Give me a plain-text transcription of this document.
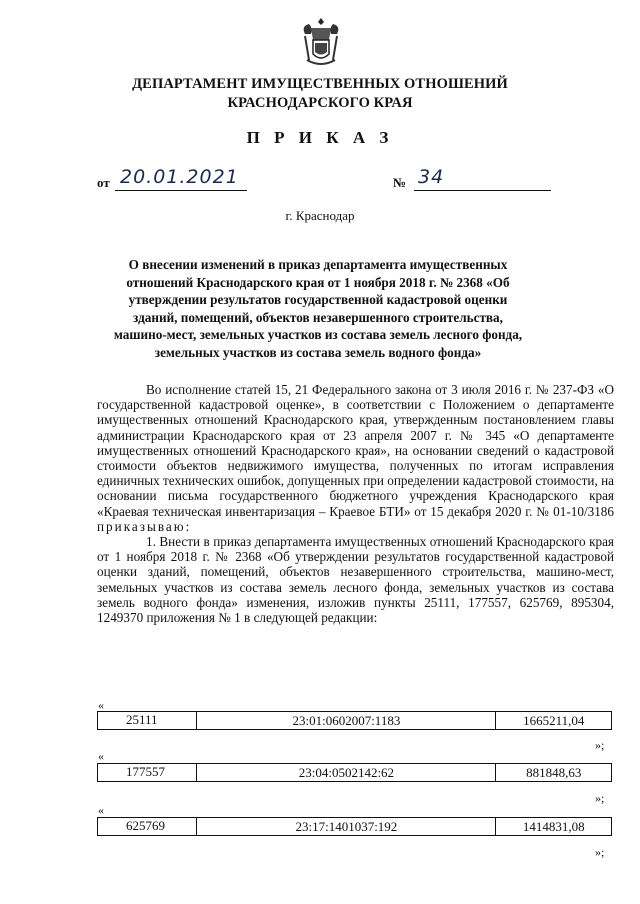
ДЕПАРТАМЕНТ ИМУЩЕСТВЕННЫХ ОТНОШЕНИЙ
КРАСНОДАРСКОГО КРАЯ
П Р И К А З
от 20.01.2021	№ 34
г. Краснодар
О внесении изменений в приказ департамента имущественных отношений Краснодарского края от 1 ноября 2018 г. № 2368 «Об утверждении результатов государственной кадастровой оценки зданий, помещений, объектов незавершенного строительства, машино-мест, земельных участков из состава земель лесного фонда, земельных участков из состава земель водного фонда»

Во исполнение статей 15, 21 Федерального закона от 3 июля 2016 г. № 237-ФЗ «О государственной кадастровой оценке», в соответствии с Положением о департаменте имущественных отношений Краснодарского края, утвержденным постановлением главы администрации Краснодарского края от 23 апреля 2007 г. № 345 «О департаменте имущественных отношений Краснодарского края», на основании сведений о кадастровой стоимости объектов недвижимого имущества, полученных по итогам исправления единичных технических ошибок, допущенных при определении кадастровой стоимости, на основании письма государственного бюджетного учреждения Краснодарского края «Краевая техническая инвентаризация – Краевое БТИ» от 15 декабря 2020 г. № 01-10/3186 приказываю:

1. Внести в приказ департамента имущественных отношений Краснодарского края от 1 ноября 2018 г. № 2368 «Об утверждении результатов государственной кадастровой оценки зданий, помещений, объектов незавершенного строительства, машино-мест, земельных участков из состава земель лесного фонда, земельных участков из состава земель водного фонда» изменения, изложив пункты 25111, 177557, 625769, 895304, 1249370 приложения № 1 в следующей редакции:

«
25111	23:01:0602007:1183	1665211,04
»;
«
177557	23:04:0502142:62	881848,63
»;
«
625769	23:17:1401037:192	1414831,08
»;
